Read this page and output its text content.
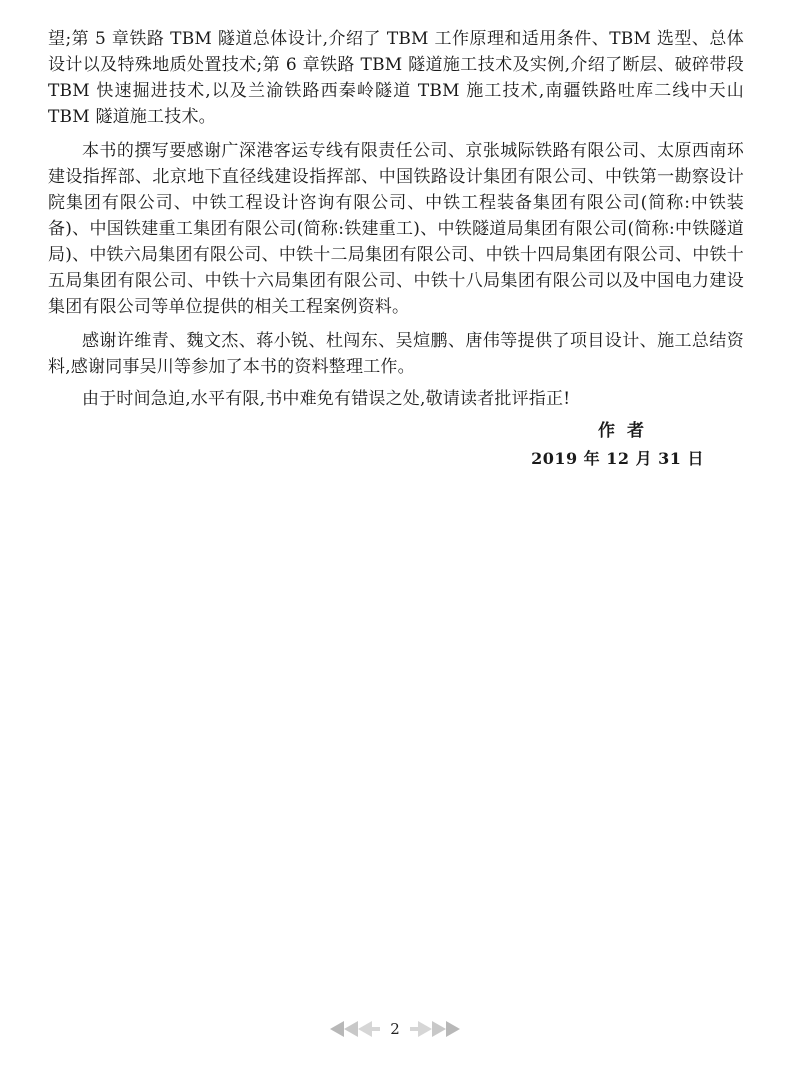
望;第 5 章铁路 TBM 隧道总体设计,介绍了 TBM 工作原理和适用条件、TBM 选型、总体设计以及特殊地质处置技术;第 6 章铁路 TBM 隧道施工技术及实例,介绍了断层、破碎带段 TBM 快速掘进技术,以及兰渝铁路西秦岭隧道 TBM 施工技术,南疆铁路吐库二线中天山 TBM 隧道施工技术。

本书的撰写要感谢广深港客运专线有限责任公司、京张城际铁路有限公司、太原西南环建设指挥部、北京地下直径线建设指挥部、中国铁路设计集团有限公司、中铁第一勘察设计院集团有限公司、中铁工程设计咨询有限公司、中铁工程装备集团有限公司(简称:中铁装备)、中国铁建重工集团有限公司(简称:铁建重工)、中铁隧道局集团有限公司(简称:中铁隧道局)、中铁六局集团有限公司、中铁十二局集团有限公司、中铁十四局集团有限公司、中铁十五局集团有限公司、中铁十六局集团有限公司、中铁十八局集团有限公司以及中国电力建设集团有限公司等单位提供的相关工程案例资料。

感谢许维青、魏文杰、蒋小锐、杜闯东、吴煊鹏、唐伟等提供了项目设计、施工总结资料,感谢同事吴川等参加了本书的资料整理工作。

由于时间急迫,水平有限,书中难免有错误之处,敬请读者批评指正!

作者
2019 年 12 月 31 日
2
